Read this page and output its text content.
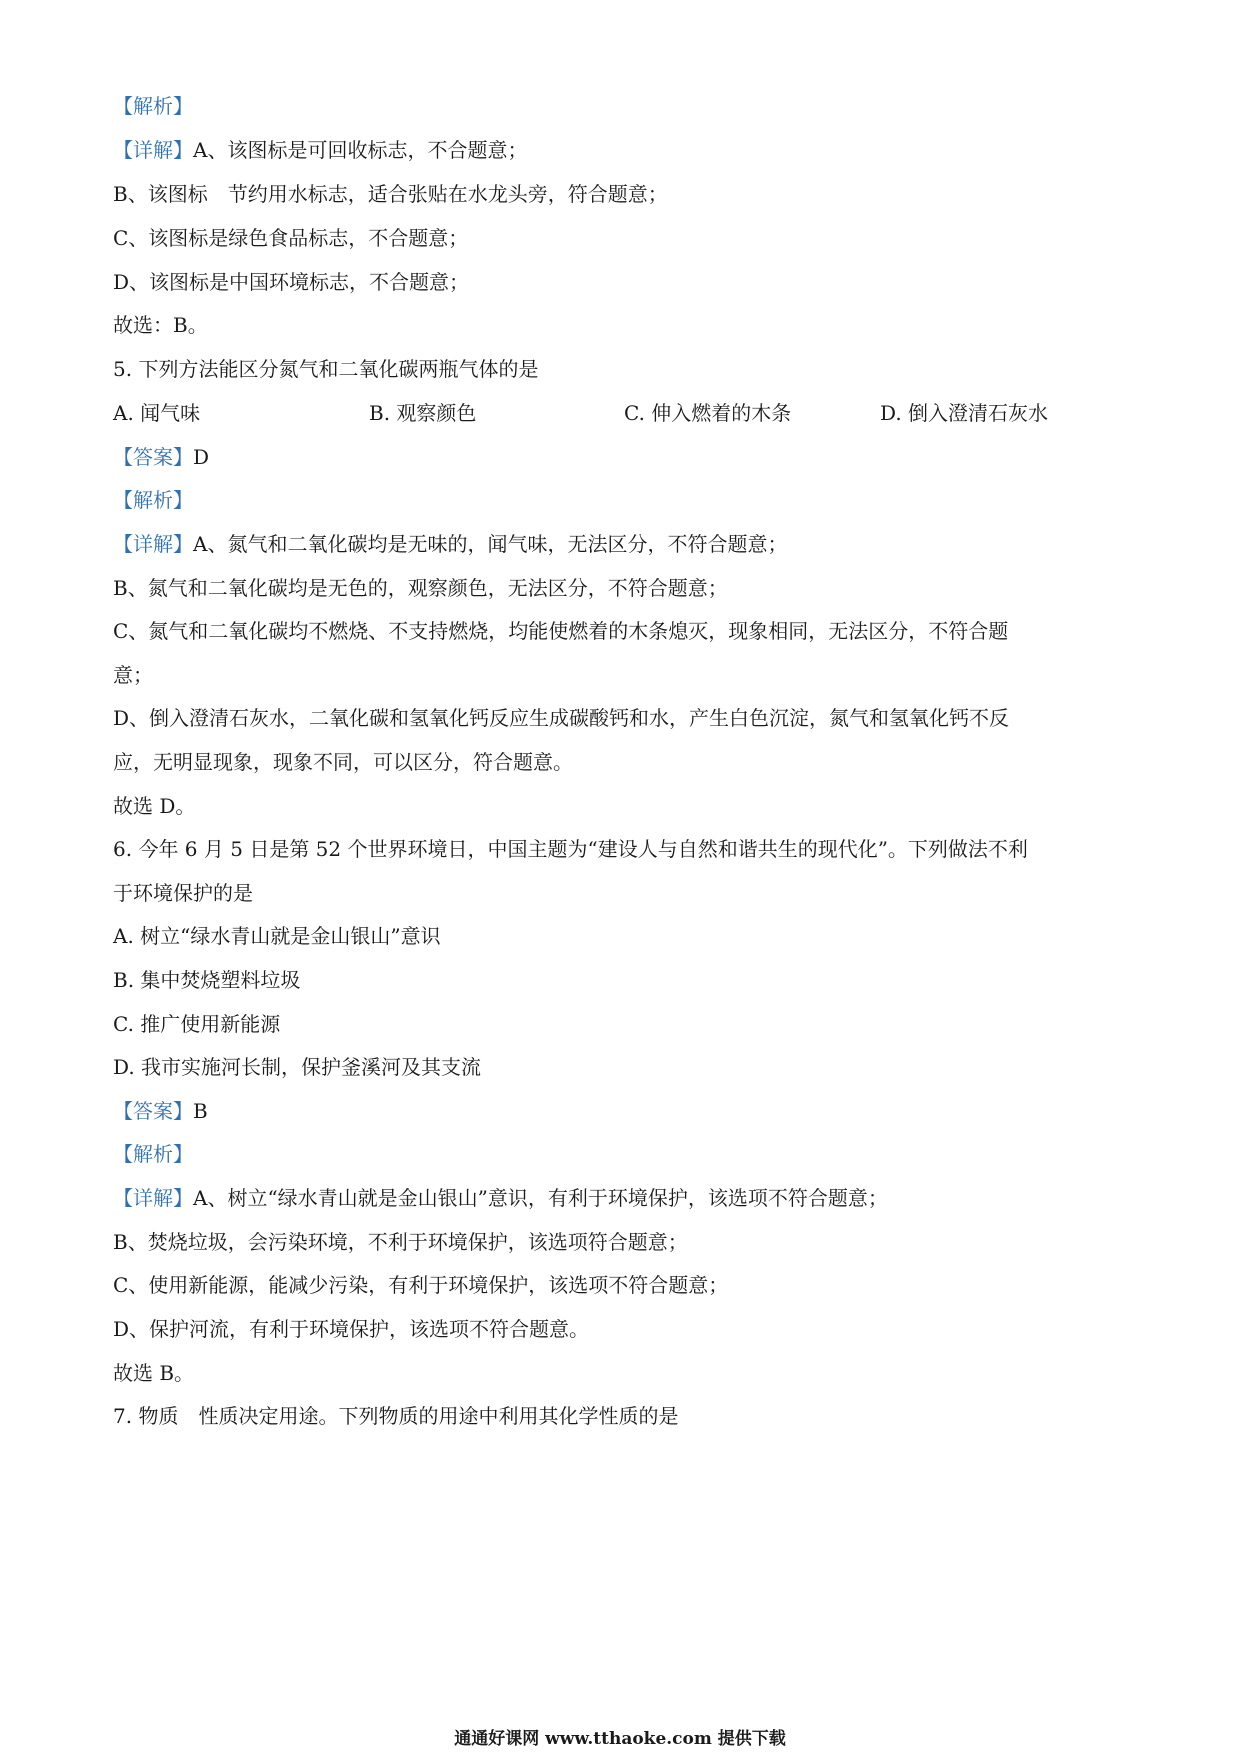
【解析】
【详解】A、该图标是可回收标志，不合题意；
B、该图标　节约用水标志，适合张贴在水龙头旁，符合题意；
C、该图标是绿色食品标志，不合题意；
D、该图标是中国环境标志，不合题意；
故选：B。
5. 下列方法能区分氮气和二氧化碳两瓶气体的是
A. 闻气味	B. 观察颜色	C. 伸入燃着的木条	D. 倒入澄清石灰水
【答案】D
【解析】
【详解】A、氮气和二氧化碳均是无味的，闻气味，无法区分，不符合题意；
B、氮气和二氧化碳均是无色的，观察颜色，无法区分，不符合题意；
C、氮气和二氧化碳均不燃烧、不支持燃烧，均能使燃着的木条熄灭，现象相同，无法区分，不符合题
意；
D、倒入澄清石灰水，二氧化碳和氢氧化钙反应生成碳酸钙和水，产生白色沉淀，氮气和氢氧化钙不反
应，无明显现象，现象不同，可以区分，符合题意。
故选 D。
6. 今年 6 月 5 日是第 52 个世界环境日，中国主题为“建设人与自然和谐共生的现代化”。下列做法不利
于环境保护的是
A. 树立“绿水青山就是金山银山”意识
B. 集中焚烧塑料垃圾
C. 推广使用新能源
D. 我市实施河长制，保护釜溪河及其支流
【答案】B
【解析】
【详解】A、树立“绿水青山就是金山银山”意识，有利于环境保护，该选项不符合题意；
B、焚烧垃圾，会污染环境，不利于环境保护，该选项符合题意；
C、使用新能源，能减少污染，有利于环境保护，该选项不符合题意；
D、保护河流，有利于环境保护，该选项不符合题意。
故选 B。
7. 物质　性质决定用途。下列物质的用途中利用其化学性质的是
通通好课网 www.tthaoke.com 提供下载
